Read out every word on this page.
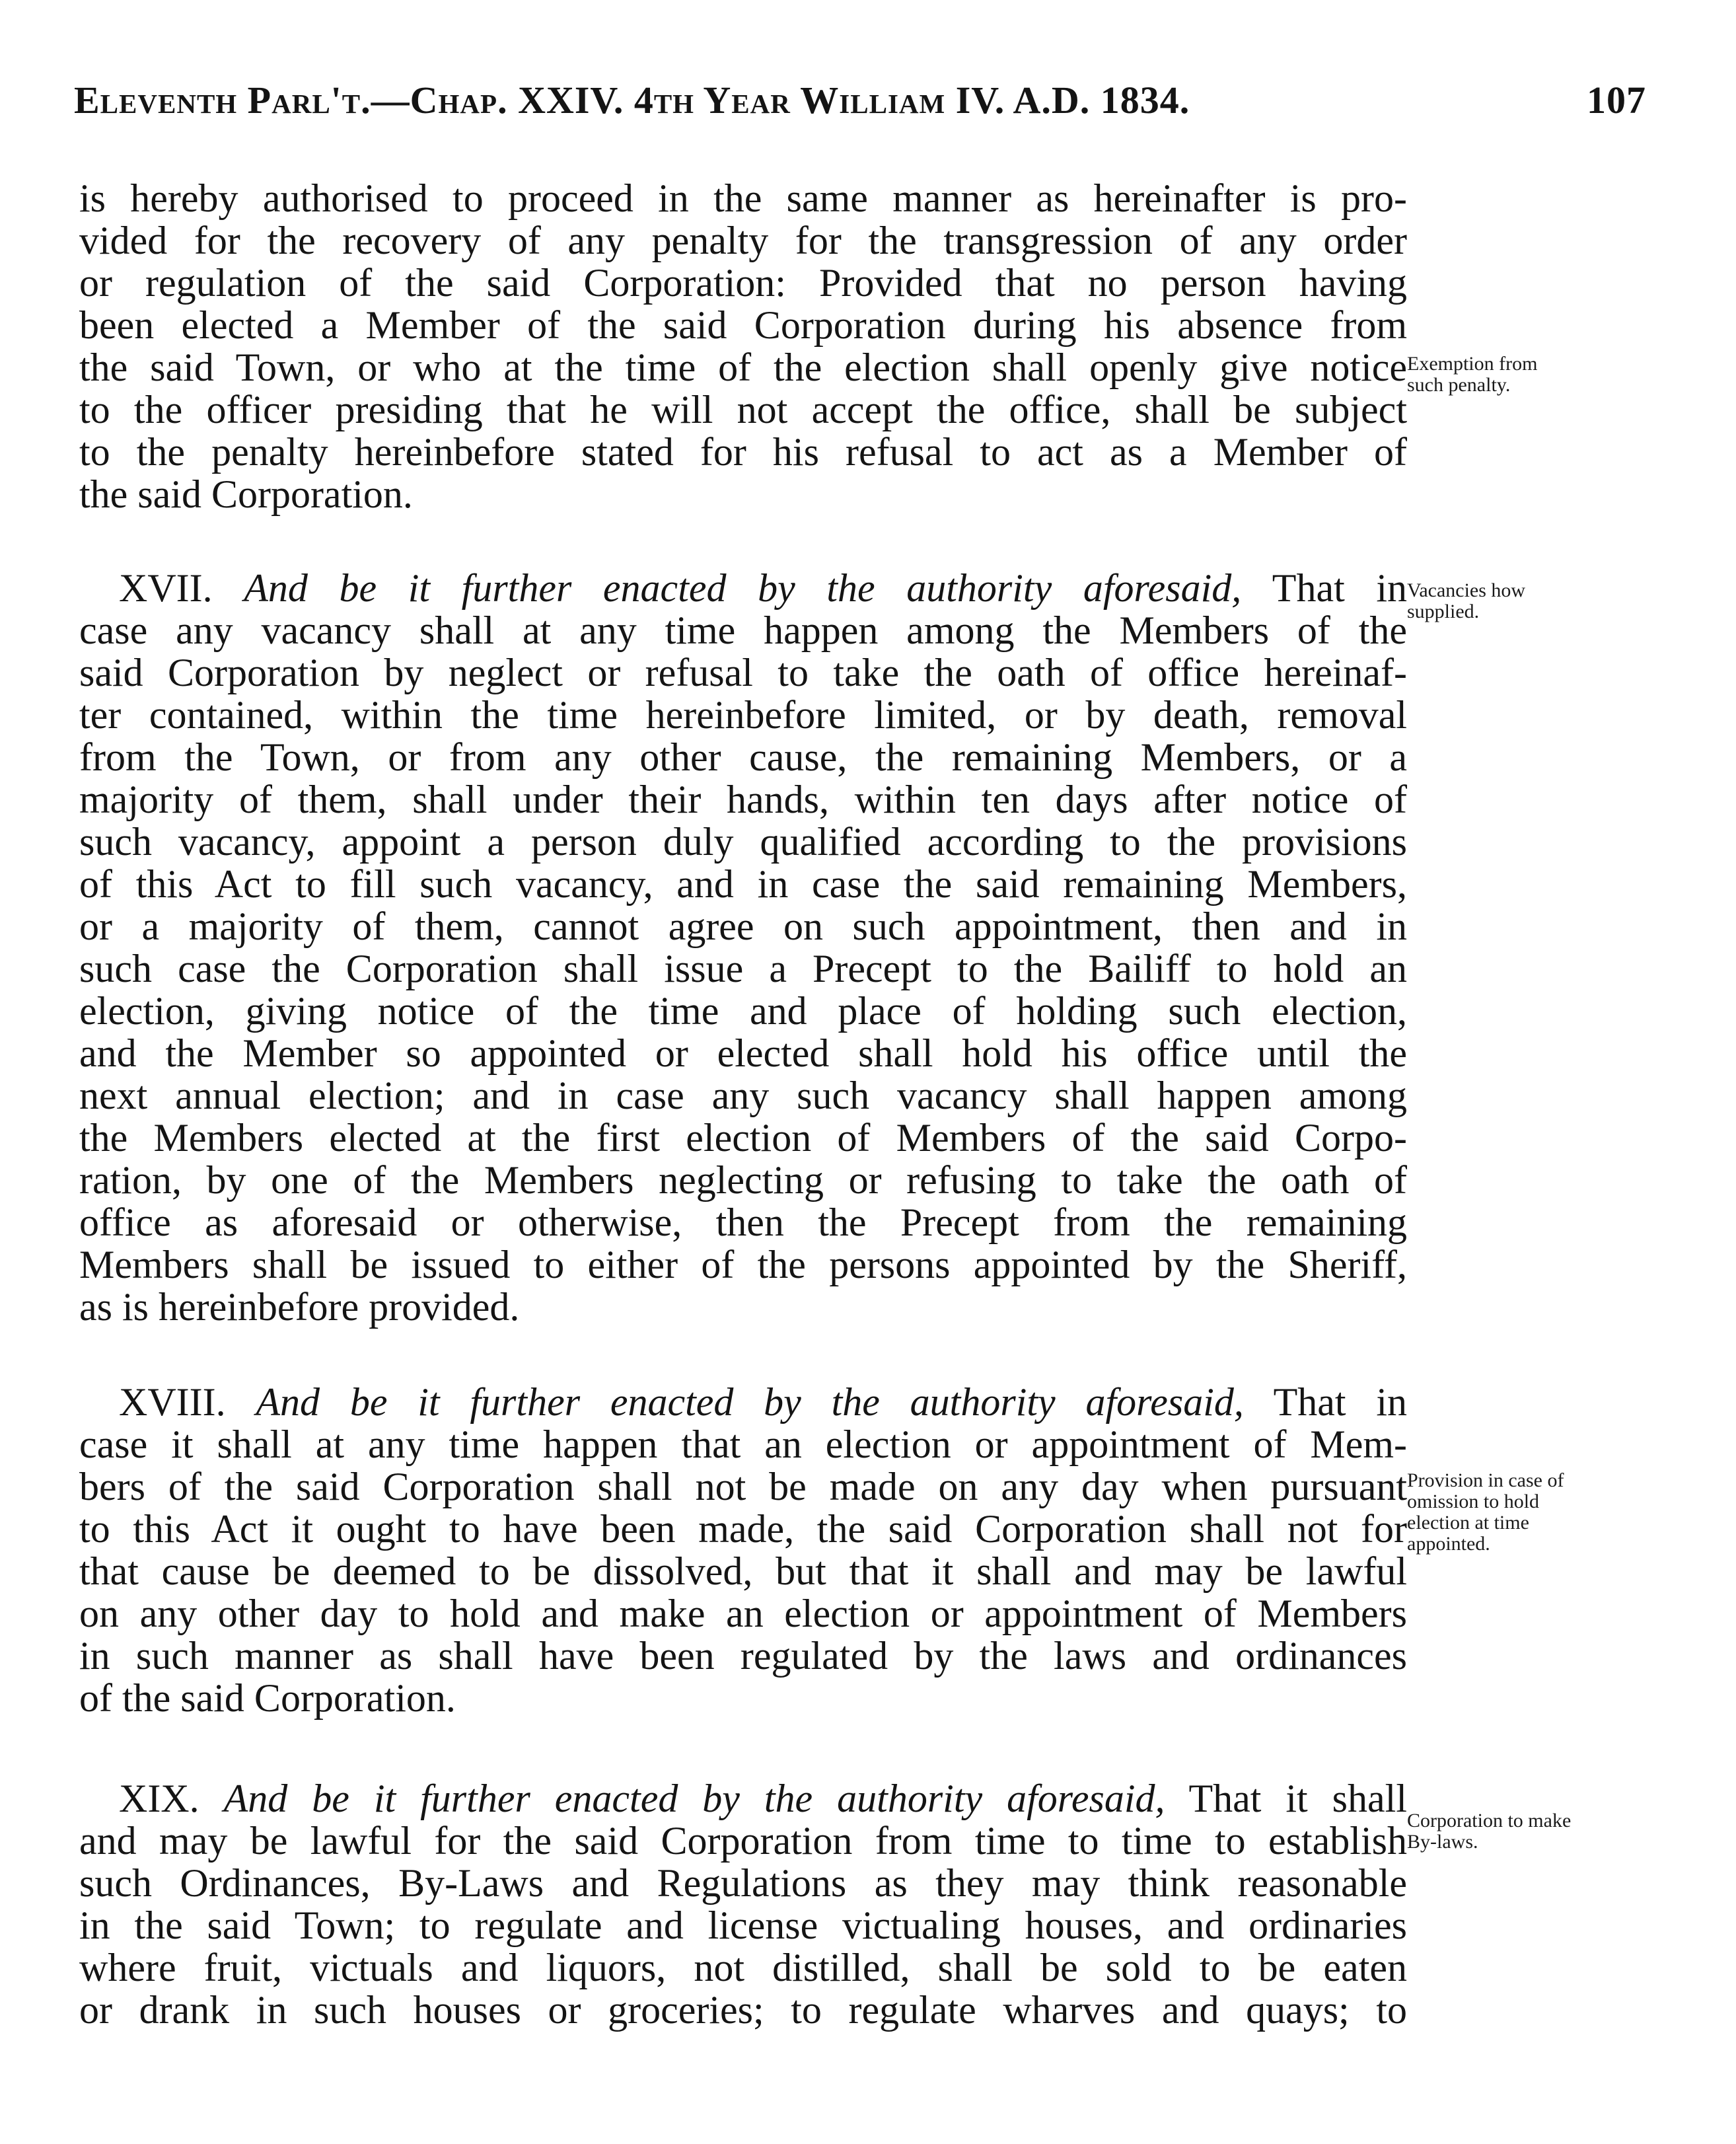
Eleventh Parl't.—Chap. XXIV. 4th Year William IV. A.D. 1834.	107
is hereby authorised to proceed in the same manner as hereinafter is pro-
vided for the recovery of any penalty for the transgression of any order
or regulation of the said Corporation: Provided that no person having
been elected a Member of the said Corporation during his absence from
the said Town, or who at the time of the election shall openly give notice
to the officer presiding that he will not accept the office, shall be subject
to the penalty hereinbefore stated for his refusal to act as a Member of
the said Corporation.
 XVII. And be it further enacted by the authority aforesaid, That in
case any vacancy shall at any time happen among the Members of the
said Corporation by neglect or refusal to take the oath of office hereinaf-
ter contained, within the time hereinbefore limited, or by death, removal
from the Town, or from any other cause, the remaining Members, or a
majority of them, shall under their hands, within ten days after notice of
such vacancy, appoint a person duly qualified according to the provisions
of this Act to fill such vacancy, and in case the said remaining Members,
or a majority of them, cannot agree on such appointment, then and in
such case the Corporation shall issue a Precept to the Bailiff to hold an
election, giving notice of the time and place of holding such election,
and the Member so appointed or elected shall hold his office until the
next annual election; and in case any such vacancy shall happen among
the Members elected at the first election of Members of the said Corpo-
ration, by one of the Members neglecting or refusing to take the oath of
office as aforesaid or otherwise, then the Precept from the remaining
Members shall be issued to either of the persons appointed by the Sheriff,
as is hereinbefore provided.
 XVIII. And be it further enacted by the authority aforesaid, That in
case it shall at any time happen that an election or appointment of Mem-
bers of the said Corporation shall not be made on any day when pursuant
to this Act it ought to have been made, the said Corporation shall not for
that cause be deemed to be dissolved, but that it shall and may be lawful
on any other day to hold and make an election or appointment of Members
in such manner as shall have been regulated by the laws and ordinances
of the said Corporation.
 XIX. And be it further enacted by the authority aforesaid, That it shall
and may be lawful for the said Corporation from time to time to establish
such Ordinances, By-Laws and Regulations as they may think reasonable
in the said Town; to regulate and license victualing houses, and ordinaries
where fruit, victuals and liquors, not distilled, shall be sold to be eaten
or drank in such houses or groceries; to regulate wharves and quays; to
Exemption from
such penalty.
Vacancies how
supplied.
Provision in case of
omission to hold
election at time
appointed.
Corporation to make
By-laws.
